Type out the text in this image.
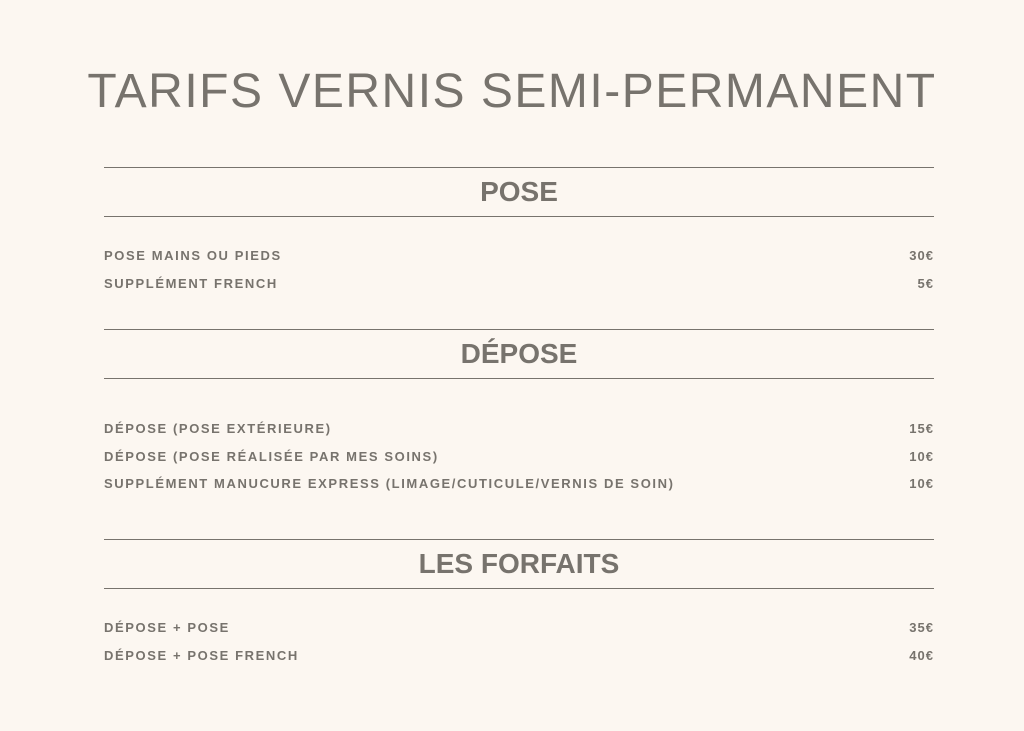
TARIFS VERNIS SEMI-PERMANENT
POSE
POSE MAINS OU PIEDS	30€
SUPPLÉMENT FRENCH	5€
DÉPOSE
DÉPOSE (POSE EXTÉRIEURE)	15€
DÉPOSE (POSE RÉALISÉE PAR MES SOINS)	10€
SUPPLÉMENT MANUCURE EXPRESS (LIMAGE/CUTICULE/VERNIS DE SOIN)	10€
LES FORFAITS
DÉPOSE + POSE	35€
DÉPOSE + POSE FRENCH	40€
